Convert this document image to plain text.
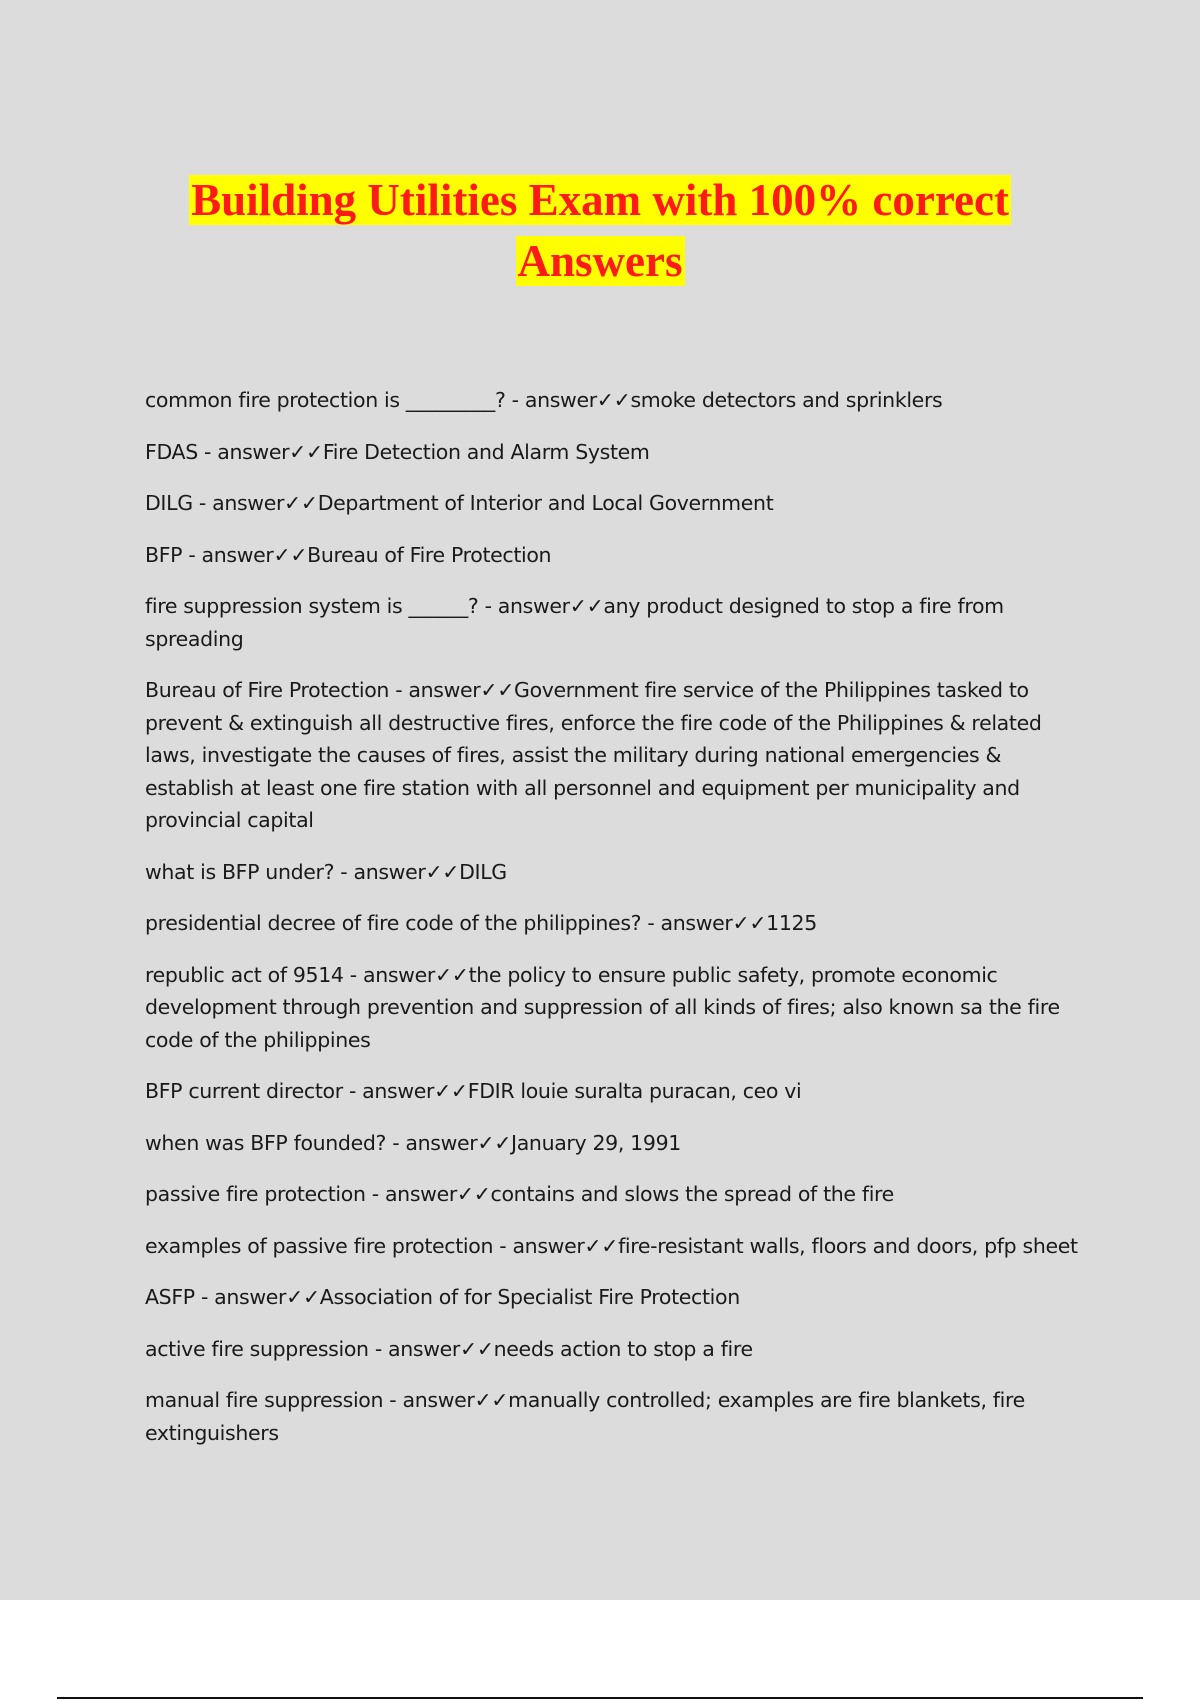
Building Utilities Exam with 100% correct
Answers
common fire protection is _________? - answer✓✓smoke detectors and sprinklers
FDAS - answer✓✓Fire Detection and Alarm System
DILG - answer✓✓Department of Interior and Local Government
BFP - answer✓✓Bureau of Fire Protection
fire suppression system is ______? - answer✓✓any product designed to stop a fire from spreading
Bureau of Fire Protection - answer✓✓Government fire service of the Philippines tasked to prevent & extinguish all destructive fires, enforce the fire code of the Philippines & related laws, investigate the causes of fires, assist the military during national emergencies & establish at least one fire station with all personnel and equipment per municipality and provincial capital
what is BFP under? - answer✓✓DILG
presidential decree of fire code of the philippines? - answer✓✓1125
republic act of 9514 - answer✓✓the policy to ensure public safety, promote economic development through prevention and suppression of all kinds of fires; also known sa the fire code of the philippines
BFP current director - answer✓✓FDIR louie suralta puracan, ceo vi
when was BFP founded? - answer✓✓January 29, 1991
passive fire protection - answer✓✓contains and slows the spread of the fire
examples of passive fire protection - answer✓✓fire-resistant walls, floors and doors, pfp sheet
ASFP - answer✓✓Association of for Specialist Fire Protection
active fire suppression - answer✓✓needs action to stop a fire
manual fire suppression - answer✓✓manually controlled; examples are fire blankets, fire extinguishers
